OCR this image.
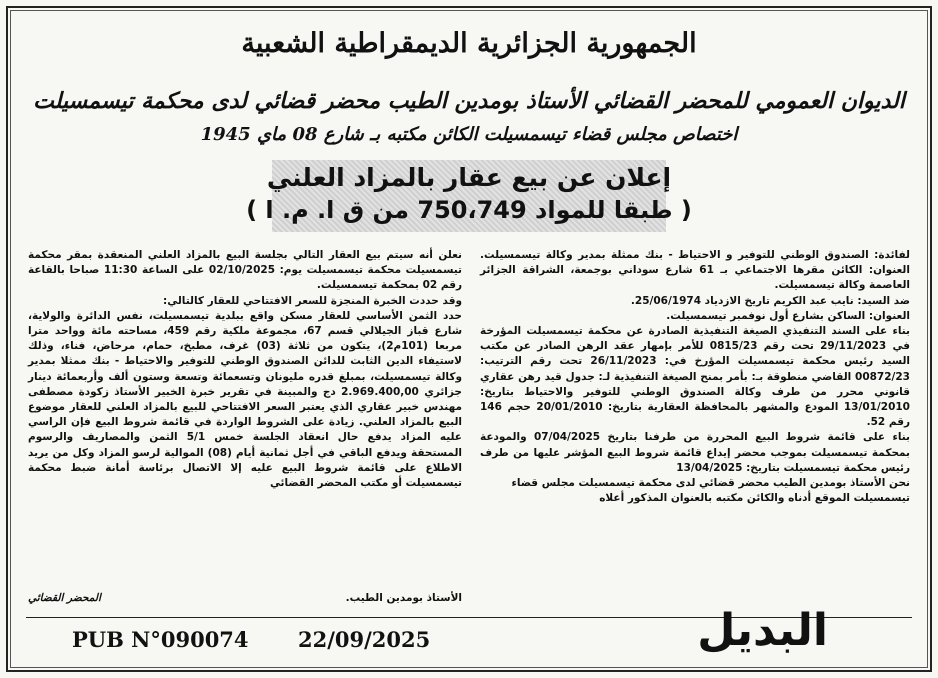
الجمهورية الجزائرية الديمقراطية الشعبية
الديوان العمومي للمحضر القضائي الأستاذ بومدين الطيب محضر قضائي لدى محكمة تيسمسيلت
اختصاص مجلس قضاء تيسمسيلت الكائن مكتبه بـ شارع 08 ماي 1945
إعلان عن بيع عقار بالمزاد العلني
( طبقا للمواد 750،749 من ق ا. م. ا )

لفائدة: الصندوق الوطني للتوفير و الاحتياط - بنك ممثلة بمدير وكالة تيسمسيلت. العنوان: الكائن مقرها الاجتماعي بـ 61 شارع سوداني بوجمعة، الشراقة الجزائر العاصمة وكالة تيسمسيلت.

ضد السيد: نايب عبد الكريم تاريخ الازدياد 25/06/1974.

العنوان: الساكن بشارع أول نوفمبر تيسمسيلت.

بناء على السند التنفيذي الصيغة التنفيذية الصادرة عن محكمة تيسمسيلت المؤرخة في 29/11/2023 تحت رقم 0815/23 للأمر بإمهار عقد الرهن الصادر عن مكتب السيد رئيس محكمة تيسمسيلت المؤرخ في: 26/11/2023 تحت رقم الترتيب: 00872/23 القاضي منطوقة بـ: بأمر بمنح الصيغة التنفيذية لـ: جدول قيد رهن عقاري قانوني محرر من طرف وكالة الصندوق الوطني للتوفير والاحتياط بتاريخ: 13/01/2010 المودع والمشهر بالمحافظة العقارية بتاريخ: 20/01/2010 حجم 146 رقم 52.

بناء على قائمة شروط البيع المحررة من طرفنا بتاريخ 07/04/2025 والمودعة بمحكمة تيسمسيلت بموجب محضر إيداع قائمة شروط البيع المؤشر عليها من طرف رئيس محكمة تيسمسيلت بتاريخ: 13/04/2025

نحن الأستاذ بومدين الطيب محضر قضائي لدى محكمة تيسمسيلت مجلس قضاء

تيسمسيلت الموقع أدناه والكائن مكتبه بالعنوان المذكور أعلاه

نعلن أنه سيتم بيع العقار التالي بجلسة البيع بالمزاد العلني المنعقدة بمقر محكمة تيسمسيلت محكمة تيسمسيلت يوم: 02/10/2025 على الساعة 11:30 صباحا بالقاعة رقم 02 بمحكمة تيسمسيلت.

وقد حددت الخبرة المنجزة للسعر الافتتاحي للعقار كالتالي:

حدد الثمن الأساسي للعقار مسكن واقع ببلدية تيسمسيلت، نفس الدائرة والولاية، شارع قباز الجيلالي قسم 67، مجموعة ملكية رقم 459، مساحته مائة وواحد مترا مربعا (101م2)، يتكون من ثلاثة (03) غرف، مطبخ، حمام، مرحاض، فناء، وذلك لاستيفاء الدين الثابت للدائن الصندوق الوطني للتوفير والاحتياط - بنك ممثلا بمدير وكالة تيسمسيلت، بمبلغ قدره مليونان وتسعمائة وتسعة وستون ألف وأربعمائة دينار جزائري 2.969.400,00 دج والمبينة في تقرير خبرة الخبير الأستاذ زكودة مصطفى مهندس خبير عقاري الذي يعتبر السعر الافتتاحي للبيع بالمزاد العلني للعقار موضوع البيع بالمزاد العلني. زيادة على الشروط الواردة في قائمة شروط البيع فإن الراسي عليه المزاد يدفع حال انعقاد الجلسة خمس 5/1 الثمن والمصاريف والرسوم المستحقة ويدفع الباقي في أجل ثمانية أيام (08) الموالية لرسو المزاد وكل من يريد الاطلاع على قائمة شروط البيع عليه إلا الاتصال برئاسة أمانة ضبط محكمة تيسمسيلت أو مكتب المحضر القضائي

الأستاذ بومدين الطيب.
المحضر القضائي
PUB N°090074 22/09/2025	البديل
